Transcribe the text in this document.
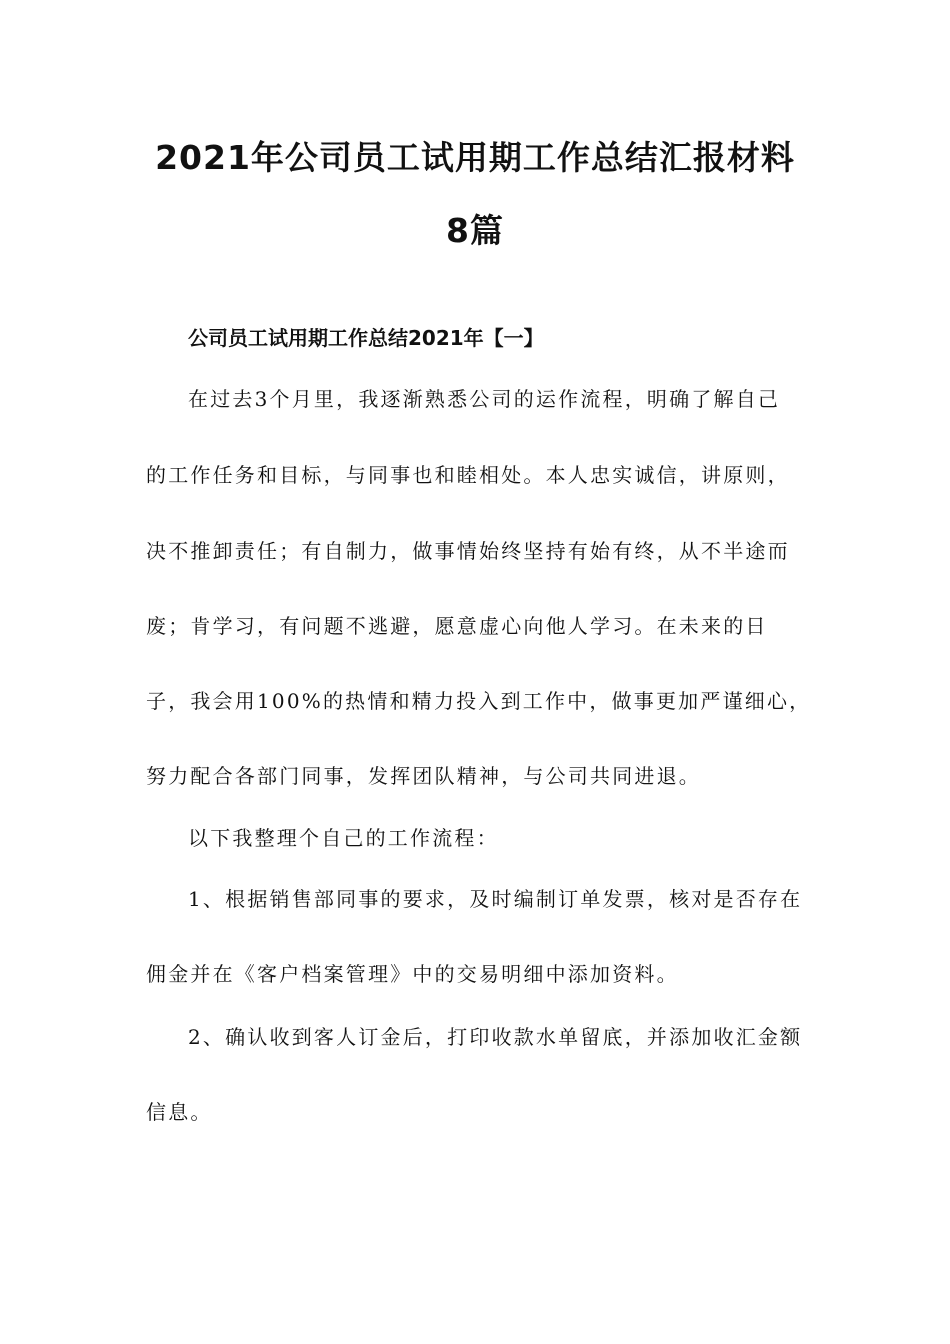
2021年公司员工试用期工作总结汇报材料
8篇
公司员工试用期工作总结2021年【一】
在过去3个月里，我逐渐熟悉公司的运作流程，明确了解自己
的工作任务和目标，与同事也和睦相处。本人忠实诚信，讲原则，
决不推卸责任；有自制力，做事情始终坚持有始有终，从不半途而
废；肯学习，有问题不逃避，愿意虚心向他人学习。在未来的日
子，我会用100%的热情和精力投入到工作中，做事更加严谨细心，
努力配合各部门同事，发挥团队精神，与公司共同进退。
以下我整理个自己的工作流程：
1、根据销售部同事的要求，及时编制订单发票，核对是否存在
佣金并在《客户档案管理》中的交易明细中添加资料。
2、确认收到客人订金后，打印收款水单留底，并添加收汇金额
信息。
